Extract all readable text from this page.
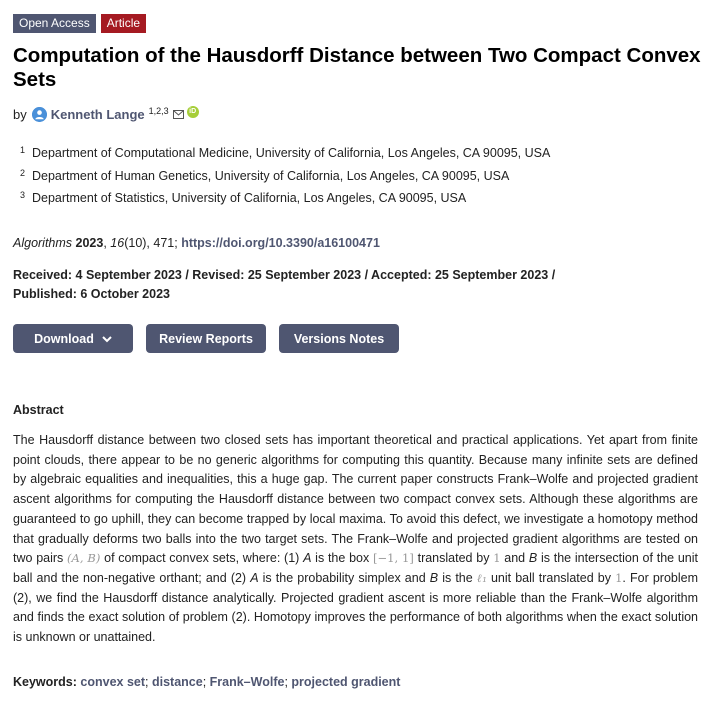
Open Access	Article
Computation of the Hausdorff Distance between Two Compact Convex Sets
by Kenneth Lange 1,2,3	iD
1 Department of Computational Medicine, University of California, Los Angeles, CA 90095, USA
2 Department of Human Genetics, University of California, Los Angeles, CA 90095, USA
3 Department of Statistics, University of California, Los Angeles, CA 90095, USA
Algorithms 2023, 16(10), 471; https://doi.org/10.3390/a16100471
Received: 4 September 2023 / Revised: 25 September 2023 / Accepted: 25 September 2023 /
Published: 6 October 2023
Download	Review Reports	Versions Notes
Abstract
The Hausdorff distance between two closed sets has important theoretical and practical applications. Yet apart from finite point clouds, there appear to be no generic algorithms for computing this quantity. Because many infinite sets are defined by algebraic equalities and inequalities, this a huge gap. The current paper constructs Frank–Wolfe and projected gradient ascent algorithms for computing the Hausdorff distance between two compact convex sets. Although these algorithms are guaranteed to go uphill, they can become trapped by local maxima. To avoid this defect, we investigate a homotopy method that gradually deforms two balls into the two target sets. The Frank–Wolfe and projected gradient algorithms are tested on two pairs (A, B) of compact convex sets, where: (1) A is the box [−1, 1] translated by 1 and B is the intersection of the unit ball and the non-negative orthant; and (2) A is the probability simplex and B is the ℓ₁ unit ball translated by 1. For problem (2), we find the Hausdorff distance analytically. Projected gradient ascent is more reliable than the Frank–Wolfe algorithm and finds the exact solution of problem (2). Homotopy improves the performance of both algorithms when the exact solution is unknown or unattained.
Keywords: convex set; distance; Frank–Wolfe; projected gradient
